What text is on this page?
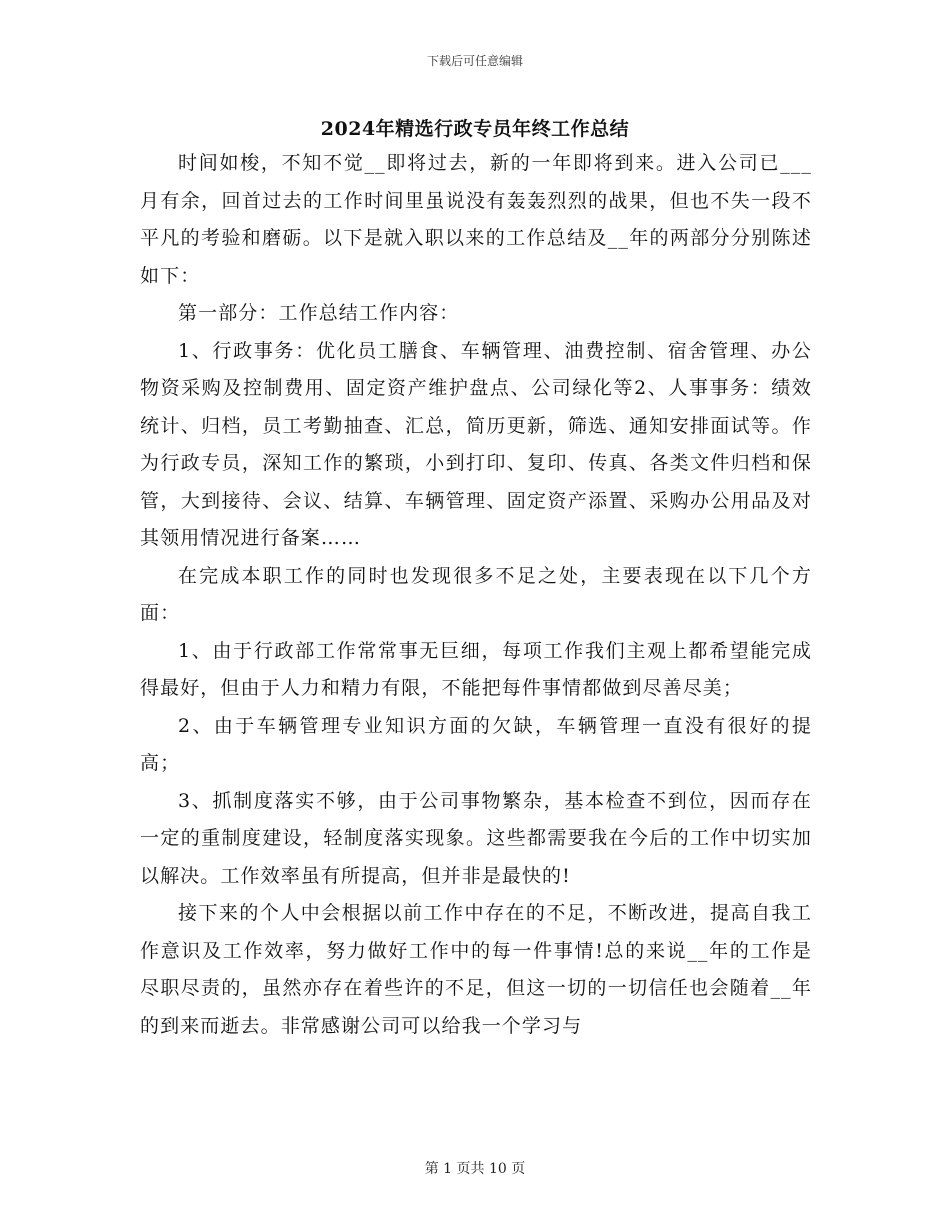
下载后可任意编辑
2024年精选行政专员年终工作总结

时间如梭，不知不觉__即将过去，新的一年即将到来。进入公司已___月有余，回首过去的工作时间里虽说没有轰轰烈烈的战果，但也不失一段不平凡的考验和磨砺。以下是就入职以来的工作总结及__年的两部分分别陈述如下：

第一部分：工作总结工作内容：

1、行政事务：优化员工膳食、车辆管理、油费控制、宿舍管理、办公物资采购及控制费用、固定资产维护盘点、公司绿化等2、人事事务：绩效统计、归档，员工考勤抽查、汇总，简历更新，筛选、通知安排面试等。作为行政专员，深知工作的繁琐，小到打印、复印、传真、各类文件归档和保管，大到接待、会议、结算、车辆管理、固定资产添置、采购办公用品及对其领用情况进行备案……

在完成本职工作的同时也发现很多不足之处，主要表现在以下几个方面：

1、由于行政部工作常常事无巨细，每项工作我们主观上都希望能完成得最好，但由于人力和精力有限，不能把每件事情都做到尽善尽美；

2、由于车辆管理专业知识方面的欠缺，车辆管理一直没有很好的提高；

3、抓制度落实不够，由于公司事物繁杂，基本检查不到位，因而存在一定的重制度建设，轻制度落实现象。这些都需要我在今后的工作中切实加以解决。工作效率虽有所提高，但并非是最快的!

接下来的个人中会根据以前工作中存在的不足，不断改进，提高自我工作意识及工作效率，努力做好工作中的每一件事情!总的来说__年的工作是尽职尽责的，虽然亦存在着些许的不足，但这一切的一切信任也会随着__年的到来而逝去。非常感谢公司可以给我一个学习与

第 1 页共 10 页
